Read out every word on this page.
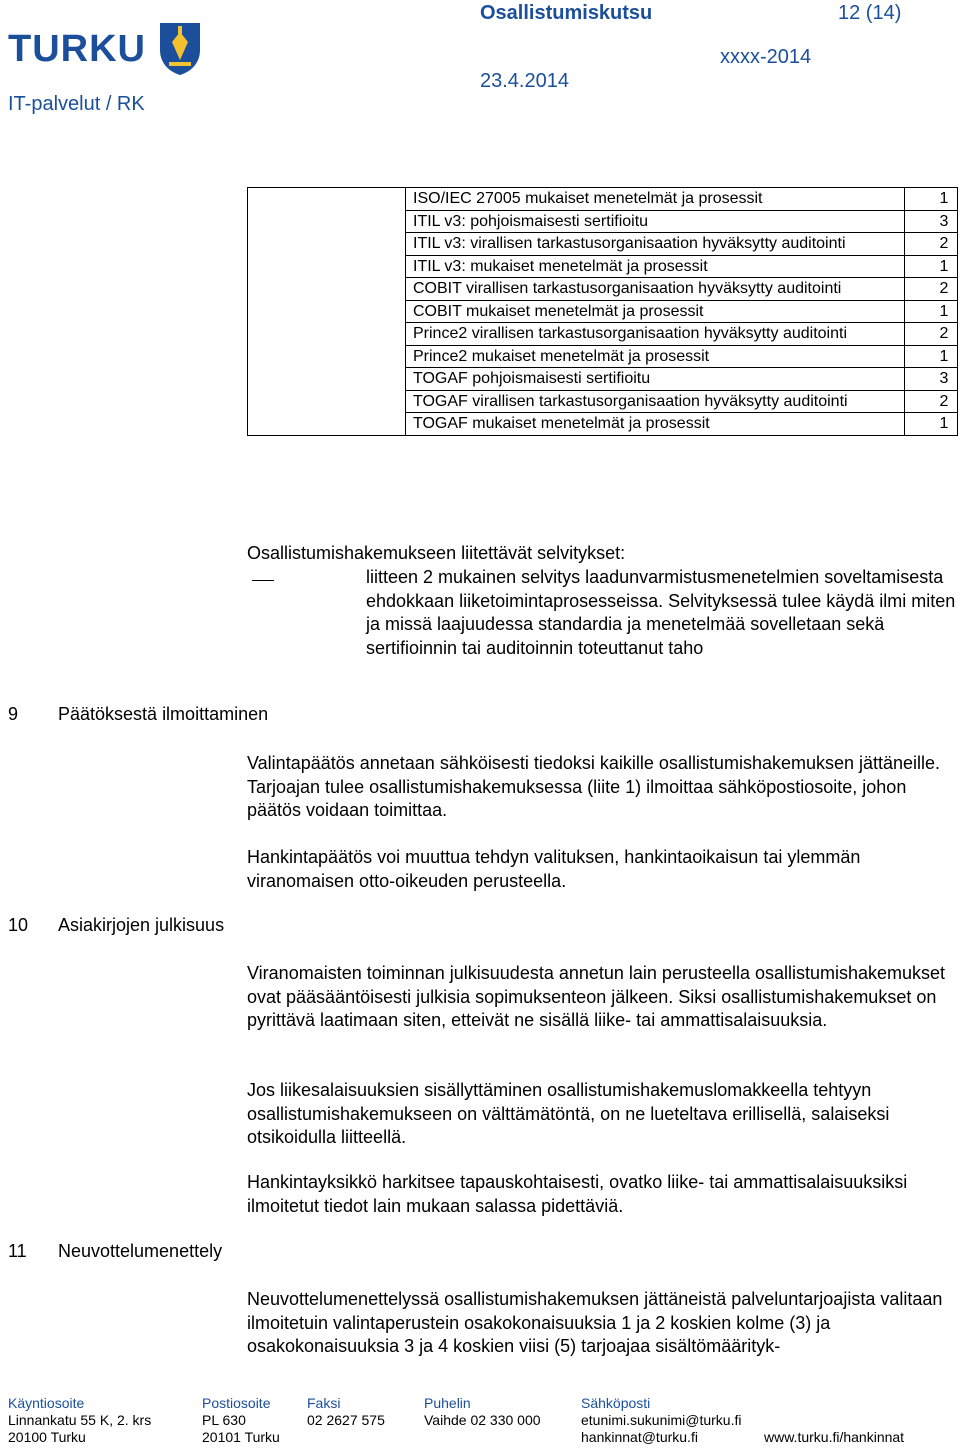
TURKU
Osallistumiskutsu	12 (14)
xxxx-2014
23.4.2014
IT-palvelut / RK
	ISO/IEC 27005 mukaiset menetelmät ja prosessit	1
	ITIL v3: pohjoismaisesti sertifioitu	3
	ITIL v3: virallisen tarkastusorganisaation hyväksytty auditointi	2
	ITIL v3: mukaiset menetelmät ja prosessit	1
	COBIT virallisen tarkastusorganisaation hyväksytty auditointi	2
	COBIT mukaiset menetelmät ja prosessit	1
	Prince2 virallisen tarkastusorganisaation hyväksytty auditointi	2
	Prince2 mukaiset menetelmät ja prosessit	1
	TOGAF pohjoismaisesti sertifioitu	3
	TOGAF virallisen tarkastusorganisaation hyväksytty auditointi	2
	TOGAF mukaiset menetelmät ja prosessit	1
Osallistumishakemukseen liitettävät selvitykset:
liitteen 2 mukainen selvitys laadunvarmistusmenetelmien soveltamisesta ehdokkaan liiketoimintaprosesseissa. Selvityksessä tulee käydä ilmi miten ja missä laajuudessa standardia ja menetelmää sovelletaan sekä sertifioinnin tai auditoinnin toteuttanut taho
9 Päätöksestä ilmoittaminen
Valintapäätös annetaan sähköisesti tiedoksi kaikille osallistumishakemuksen jättäneille. Tarjoajan tulee osallistumishakemuksessa (liite 1) ilmoittaa sähköpostiosoite, johon päätös voidaan toimittaa.
Hankintapäätös voi muuttua tehdyn valituksen, hankintaoikaisun tai ylemmän viranomaisen otto-oikeuden perusteella.
10 Asiakirjojen julkisuus
Viranomaisten toiminnan julkisuudesta annetun lain perusteella osallistumishakemukset ovat pääsääntöisesti julkisia sopimuksenteon jälkeen. Siksi osallistumishakemukset on pyrittävä laatimaan siten, etteivät ne sisällä liike- tai ammattisalaisuuksia.
Jos liikesalaisuuksien sisällyttäminen osallistumishakemuslomakkeella tehtyyn osallistumishakemukseen on välttämätöntä, on ne lueteltava erillisellä, salaiseksi otsikoidulla liitteellä.
Hankintayksikkö harkitsee tapauskohtaisesti, ovatko liike- tai ammattisalaisuuksiksi ilmoitetut tiedot lain mukaan salassa pidettäviä.
11 Neuvottelumenettely
Neuvottelumenettelyssä osallistumishakemuksen jättäneistä palveluntarjoajista valitaan ilmoitetuin valintaperustein osakokonaisuuksia 1 ja 2 koskien kolme (3) ja osakokonaisuuksia 3 ja 4 koskien viisi (5) tarjoajaa sisältömäärityk-
Käyntiosoite
Linnankatu 55 K, 2. krs
20100 Turku
Postiosoite
PL 630
20101 Turku
Faksi
02 2627 575
Puhelin
Vaihde 02 330 000
Sähköposti
etunimi.sukunimi@turku.fi
hankinnat@turku.fi	www.turku.fi/hankinnat
